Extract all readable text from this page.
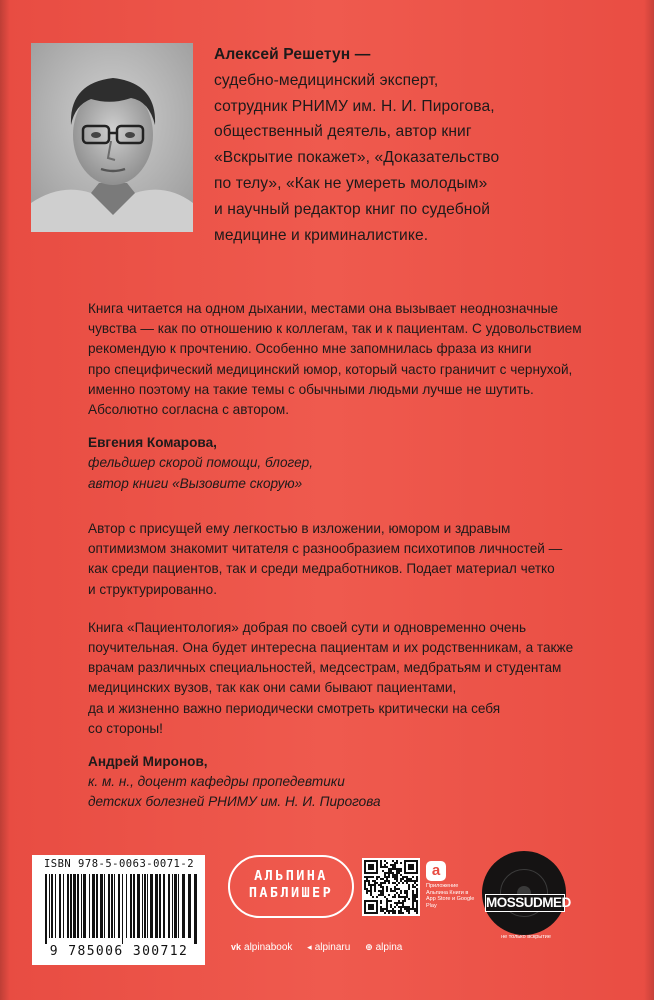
Алексей Решетун —
судебно-медицинский эксперт,
сотрудник РНИМУ им. Н. И. Пирогова,
общественный деятель, автор книг
«Вскрытие покажет», «Доказательство
по телу», «Как не умереть молодым»
и научный редактор книг по судебной
медицине и криминалистике.

Книга читается на одном дыхании, местами она вызывает неоднозначные

чувства — как по отношению к коллегам, так и к пациентам. С удовольствием

рекомендую к прочтению. Особенно мне запомнилась фраза из книги

про специфический медицинский юмор, который часто граничит с чернухой,

именно поэтому на такие темы с обычными людьми лучше не шутить.

Абсолютно согласна с автором.

Евгения Комарова,

фельдшер скорой помощи, блогер,

автор книги «Вызовите скорую»

Автор с присущей ему легкостью в изложении, юмором и здравым

оптимизмом знакомит читателя с разнообразием психотипов личностей —

как среди пациентов, так и среди медработников. Подает материал четко

и структурированно.

Книга «Пациентология» добрая по своей сути и одновременно очень

поучительная. Она будет интересна пациентам и их родственникам, а также

врачам различных специальностей, медсестрам, медбратьям и студентам

медицинских вузов, так как они сами бывают пациентами,

да и жизненно важно периодически смотреть критически на себя

со стороны!

Андрей Миронов,

к. м. н., доцент кафедры пропедевтики

детских болезней РНИМУ им. Н. И. Пирогова

ISBN 978-5-0063-0071-2
9 785006 300712
АЛЬПИНА
ПАБЛИШЕР
a
Приложение Альпина Книги в App Store и Google Play
vk alpinabook ◂ alpinaru ⊕ alpina
MOSSUDMED
не только вскрытие
